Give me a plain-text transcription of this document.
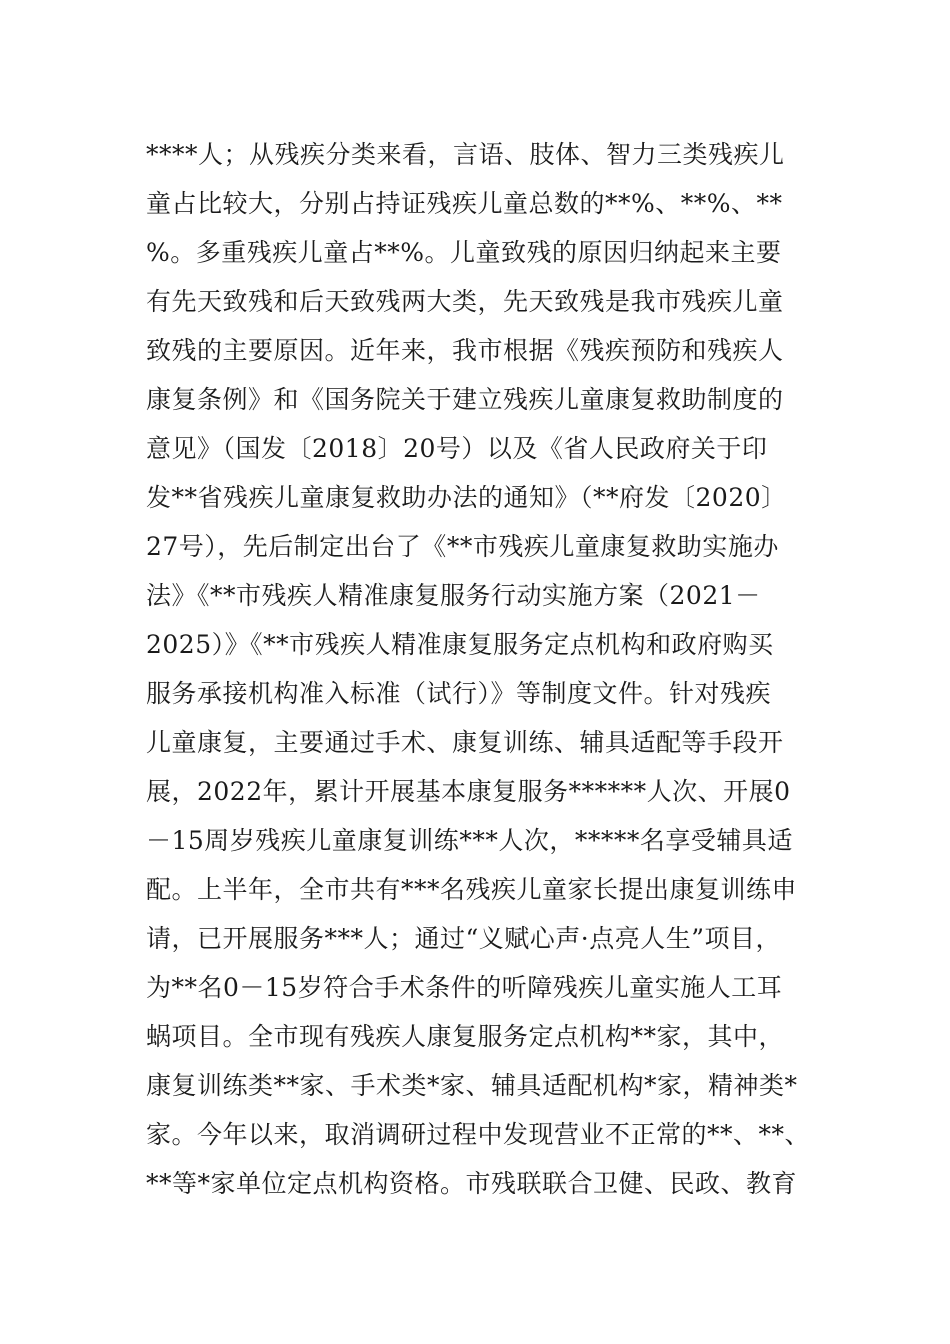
****人；从残疾分类来看，言语、肢体、智力三类残疾儿
童占比较大，分别占持证残疾儿童总数的**%、**%、**
%。多重残疾儿童占**%。儿童致残的原因归纳起来主要
有先天致残和后天致残两大类，先天致残是我市残疾儿童
致残的主要原因。近年来，我市根据《残疾预防和残疾人
康复条例》和《国务院关于建立残疾儿童康复救助制度的
意见》（国发〔2018〕20号）以及《省人民政府关于印
发**省残疾儿童康复救助办法的通知》（**府发〔2020〕
27号），先后制定出台了《**市残疾儿童康复救助实施办
法》《**市残疾人精准康复服务行动实施方案（2021－
2025）》《**市残疾人精准康复服务定点机构和政府购买
服务承接机构准入标准（试行）》等制度文件。针对残疾
儿童康复，主要通过手术、康复训练、辅具适配等手段开
展，2022年，累计开展基本康复服务******人次、开展0
－15周岁残疾儿童康复训练***人次，*****名享受辅具适
配。上半年，全市共有***名残疾儿童家长提出康复训练申
请，已开展服务***人；通过“义赋心声·点亮人生”项目，
为**名0－15岁符合手术条件的听障残疾儿童实施人工耳
蜗项目。全市现有残疾人康复服务定点机构**家，其中，
康复训练类**家、手术类*家、辅具适配机构*家，精神类*
家。今年以来，取消调研过程中发现营业不正常的**、**、
**等*家单位定点机构资格。市残联联合卫健、民政、教育
